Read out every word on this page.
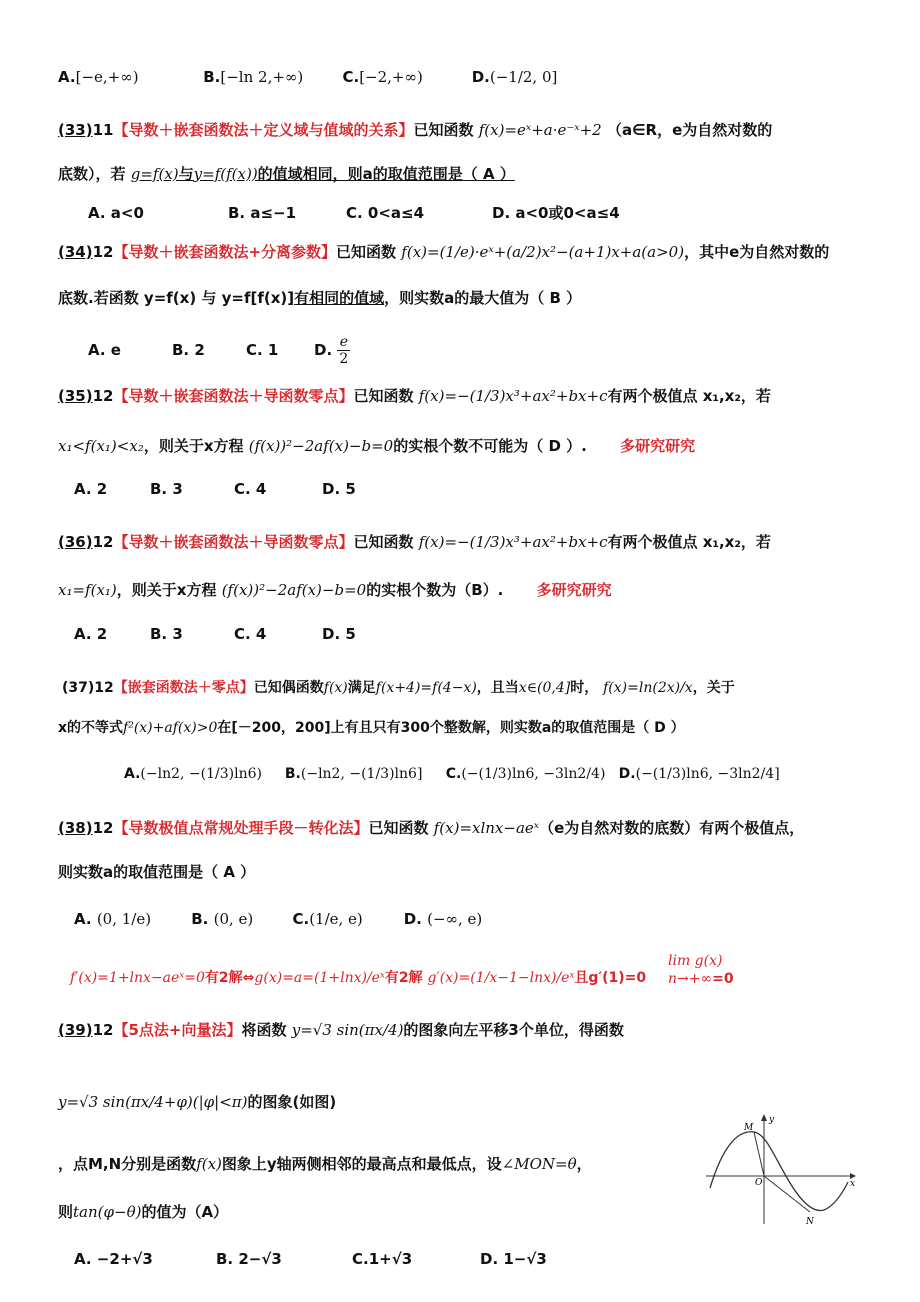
A.[−e,+∞)	B.[−ln 2,+∞)	C.[−2,+∞)	D.(−1/2, 0]
(33)11【导数＋嵌套函数法＋定义域与值域的关系】已知函数 f(x)=eˣ+a·e⁻ˣ+2 （a∈R，e为自然对数的
底数），若 g=f(x)与y=f(f(x))的值域相同，则a的取值范围是（ A ）
A. a<0	B. a≤−1	C. 0<a≤4	D. a<0或0<a≤4
(34)12【导数＋嵌套函数法+分离参数】已知函数 f(x)=(1/e)·eˣ+(a/2)x²−(a+1)x+a(a>0)，其中e为自然对数的
底数.若函数 y=f(x) 与 y=f[f(x)]有相同的值域，则实数a的最大值为（ B ）
A. e	B. 2	C. 1 D. $\frac{e}{2}$
(35)12【导数＋嵌套函数法＋导函数零点】已知函数 f(x)=−(1/3)x³+ax²+bx+c有两个极值点 x₁,x₂，若
x₁<f(x₁)<x₂，则关于x方程 (f(x))²−2af(x)−b=0的实根个数不可能为（ D ）. 多研究研究
A. 2	B. 3	C. 4	D. 5
(36)12【导数＋嵌套函数法＋导函数零点】已知函数 f(x)=−(1/3)x³+ax²+bx+c有两个极值点 x₁,x₂，若
x₁=f(x₁)，则关于x方程 (f(x))²−2af(x)−b=0的实根个数为（B）. 多研究研究
A. 2	B. 3	C. 4	D. 5
(37)12【嵌套函数法＋零点】已知偶函数f(x)满足f(x+4)=f(4−x)，且当x∈(0,4]时， f(x)=ln(2x)/x，关于
x的不等式f²(x)+af(x)>0在[－200，200]上有且只有300个整数解，则实数a的取值范围是（ D ）
A.(−ln2, −(1/3)ln6) B.(−ln2, −(1/3)ln6] C.(−(1/3)ln6, −3ln2/4) D.(−(1/3)ln6, −3ln2/4]
(38)12【导数极值点常规处理手段－转化法】已知函数 f(x)=xlnx−aeˣ（e为自然对数的底数）有两个极值点，
则实数a的取值范围是（ A ）
A. (0, 1/e)	B. (0, e)	C.(1/e, e)	D. (−∞, e)
f′(x)=1+lnx−aeˣ=0有2解⇔g(x)=a=(1+lnx)/eˣ有2解 g′(x)=(1/x−1−lnx)/eˣ且g′(1)=0
lim g(x)
n→+∞=0
(39)12【5点法+向量法】将函数 y=√3 sin(πx/4)的图象向左平移3个单位，得函数
y=√3 sin(πx/4+φ)(|φ|<π)的图象(如图)
，点M,N分别是函数f(x)图象上y轴两侧相邻的最高点和最低点，设∠MON=θ，
则tan(φ−θ)的值为（A）
A. −2+√3	B. 2−√3	C.1+√3	D. 1−√3
M
N
O	x
y
